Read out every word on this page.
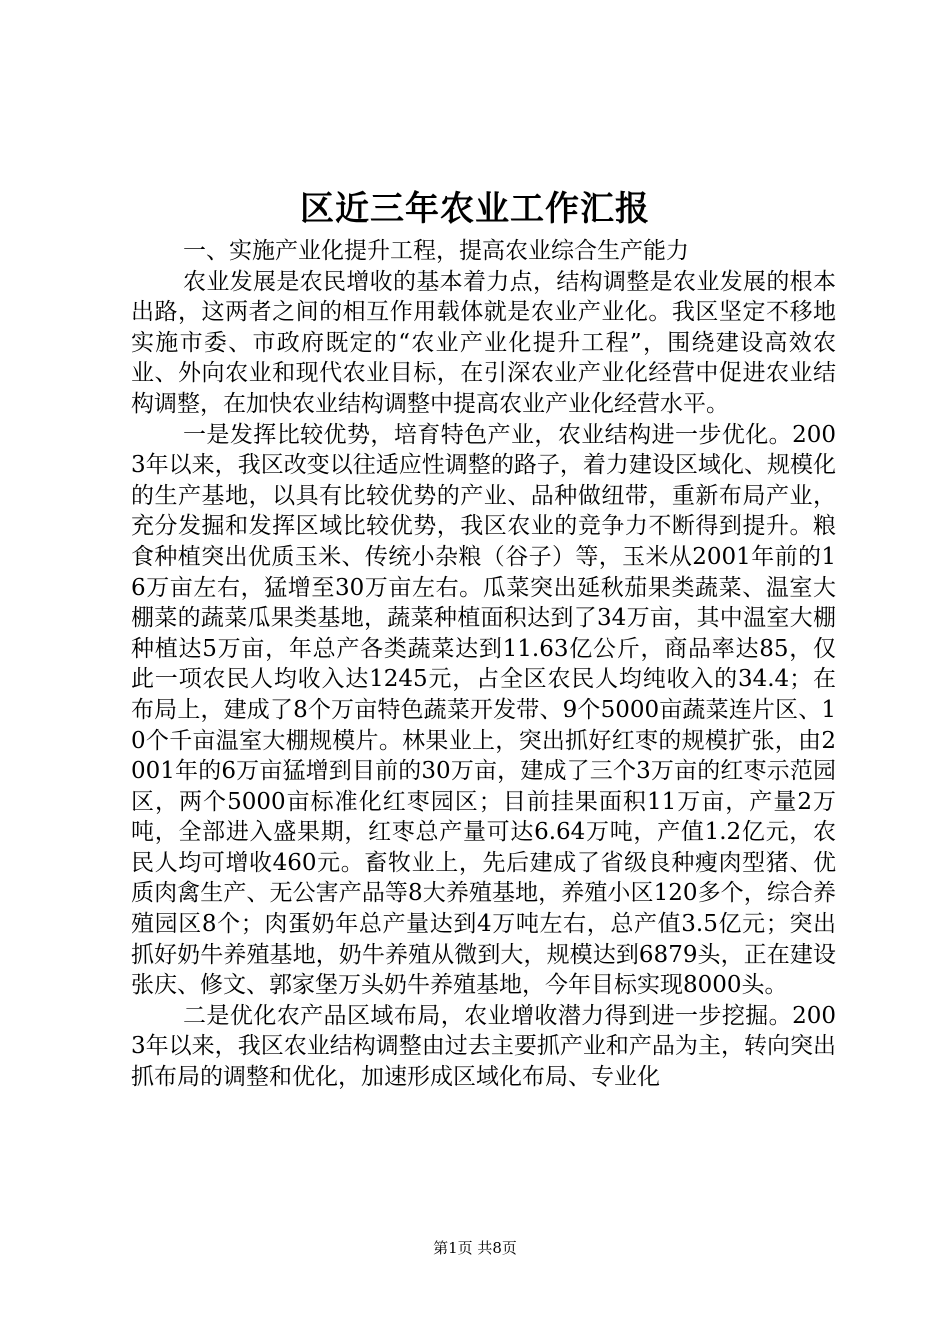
区近三年农业工作汇报

一、实施产业化提升工程，提高农业综合生产能力

农业发展是农民增收的基本着力点，结构调整是农业发展的根本出路，这两者之间的相互作用载体就是农业产业化。我区坚定不移地实施市委、市政府既定的“农业产业化提升工程”，围绕建设高效农业、外向农业和现代农业目标，在引深农业产业化经营中促进农业结构调整，在加快农业结构调整中提高农业产业化经营水平。

一是发挥比较优势，培育特色产业，农业结构进一步优化。2003年以来，我区改变以往适应性调整的路子，着力建设区域化、规模化的生产基地，以具有比较优势的产业、品种做纽带，重新布局产业，充分发掘和发挥区域比较优势，我区农业的竞争力不断得到提升。粮食种植突出优质玉米、传统小杂粮（谷子）等，玉米从2001年前的16万亩左右，猛增至30万亩左右。瓜菜突出延秋茄果类蔬菜、温室大棚菜的蔬菜瓜果类基地，蔬菜种植面积达到了34万亩，其中温室大棚种植达5万亩，年总产各类蔬菜达到11.63亿公斤，商品率达85，仅此一项农民人均收入达1245元，占全区农民人均纯收入的34.4；在布局上，建成了8个万亩特色蔬菜开发带、9个5000亩蔬菜连片区、10个千亩温室大棚规模片。林果业上，突出抓好红枣的规模扩张，由2001年的6万亩猛增到目前的30万亩，建成了三个3万亩的红枣示范园区，两个5000亩标准化红枣园区；目前挂果面积11万亩，产量2万吨，全部进入盛果期，红枣总产量可达6.64万吨，产值1.2亿元，农民人均可增收460元。畜牧业上，先后建成了省级良种瘦肉型猪、优质肉禽生产、无公害产品等8大养殖基地，养殖小区120多个，综合养殖园区8个；肉蛋奶年总产量达到4万吨左右，总产值3.5亿元；突出抓好奶牛养殖基地，奶牛养殖从微到大，规模达到6879头，正在建设张庆、修文、郭家堡万头奶牛养殖基地，今年目标实现8000头。

二是优化农产品区域布局，农业增收潜力得到进一步挖掘。2003年以来，我区农业结构调整由过去主要抓产业和产品为主，转向突出抓布局的调整和优化，加速形成区域化布局、专业化

第1页 共8页
